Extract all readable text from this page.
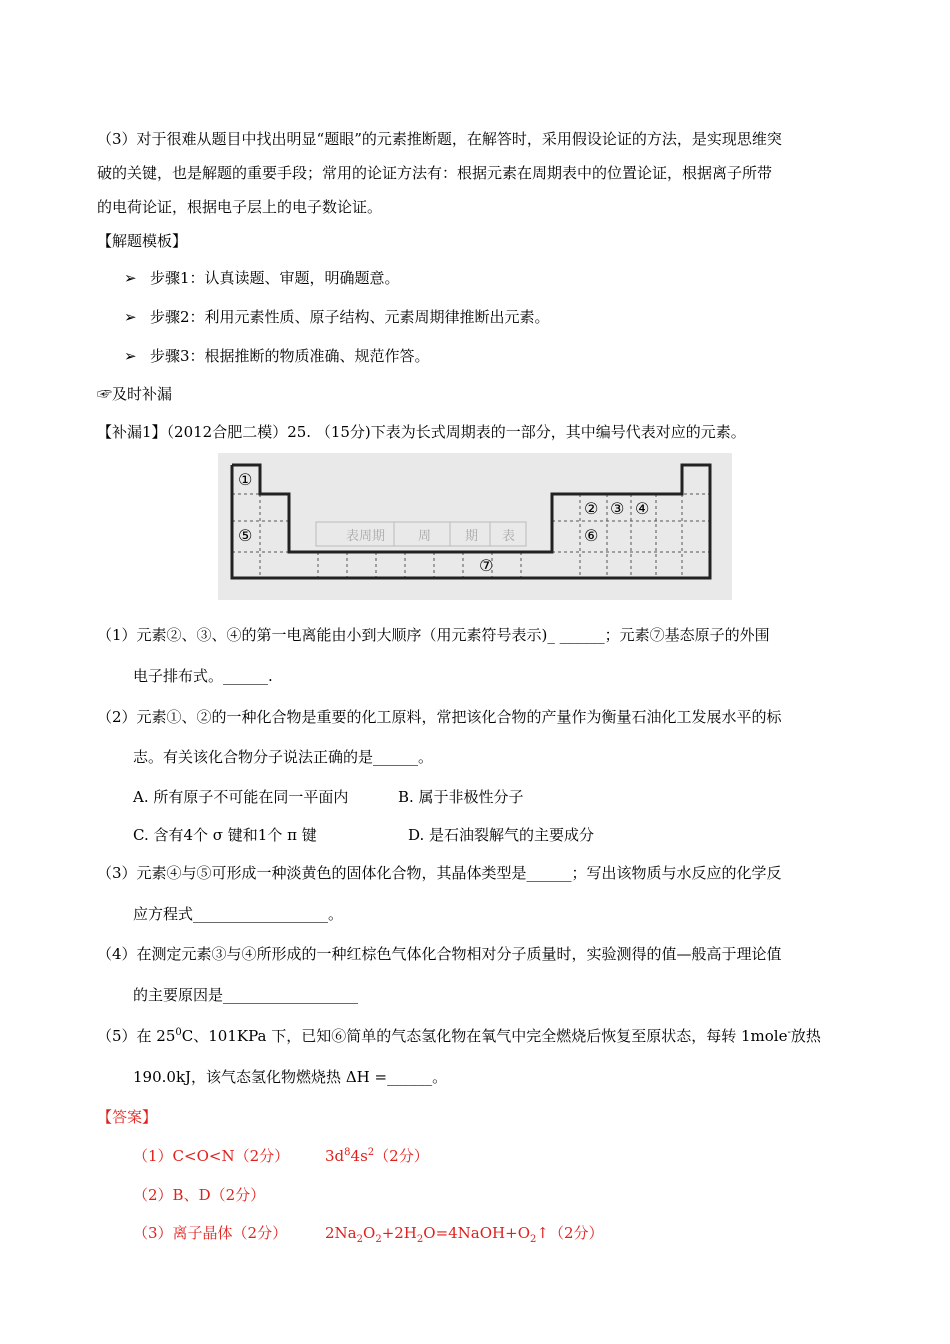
（3）对于很难从题目中找出明显“题眼”的元素推断题，在解答时，采用假设论证的方法，是实现思维突
破的关键，也是解题的重要手段；常用的论证方法有：根据元素在周期表中的位置论证，根据离子所带
的电荷论证，根据电子层上的电子数论证。
【解题模板】
➢ 步骤1：认真读题、审题，明确题意。
➢ 步骤2：利用元素性质、原子结构、元素周期律推断出元素。
➢ 步骤3：根据推断的物质准确、规范作答。
☞及时补漏
【补漏1】（2012合肥二模）25. （15分)下表为长式周期表的一部分，其中编号代表对应的元素。
①
⑤
② ③ ④
⑥
⑦
表周期	周	期 表
（1）元素②、③、④的第一电离能由小到大顺序（用元素符号表示)_ ______；元素⑦基态原子的外围
电子排布式。______.
（2）元素①、②的一种化合物是重要的化工原料，常把该化合物的产量作为衡量石油化工发展水平的标
志。有关该化合物分子说法正确的是______。
A. 所有原子不可能在同一平面内	B. 属于非极性分子
C. 含有4个 σ 键和1个 π 键	D. 是石油裂解气的主要成分
（3）元素④与⑤可形成一种淡黄色的固体化合物，其晶体类型是______；写出该物质与水反应的化学反
应方程式__________________。
（4）在测定元素③与④所形成的一种红棕色气体化合物相对分子质量时，实验测得的值—般高于理论值
的主要原因是__________________
（5）在 $25^0C$、101KPa 下，已知⑥简单的气态氢化物在氧气中完全燃烧后恢复至原状态，每转 1mole-放热
190.0kJ，该气态氢化物燃烧热 ΔH =______。
【答案】
（1）C<O<N（2分） $3d^84s^2(2$分）
（2）B、D（2分）
（3）离子晶体（2分）	$2Na_2O_2+2H_2O=4NaOH+O_2↑(2$分）
